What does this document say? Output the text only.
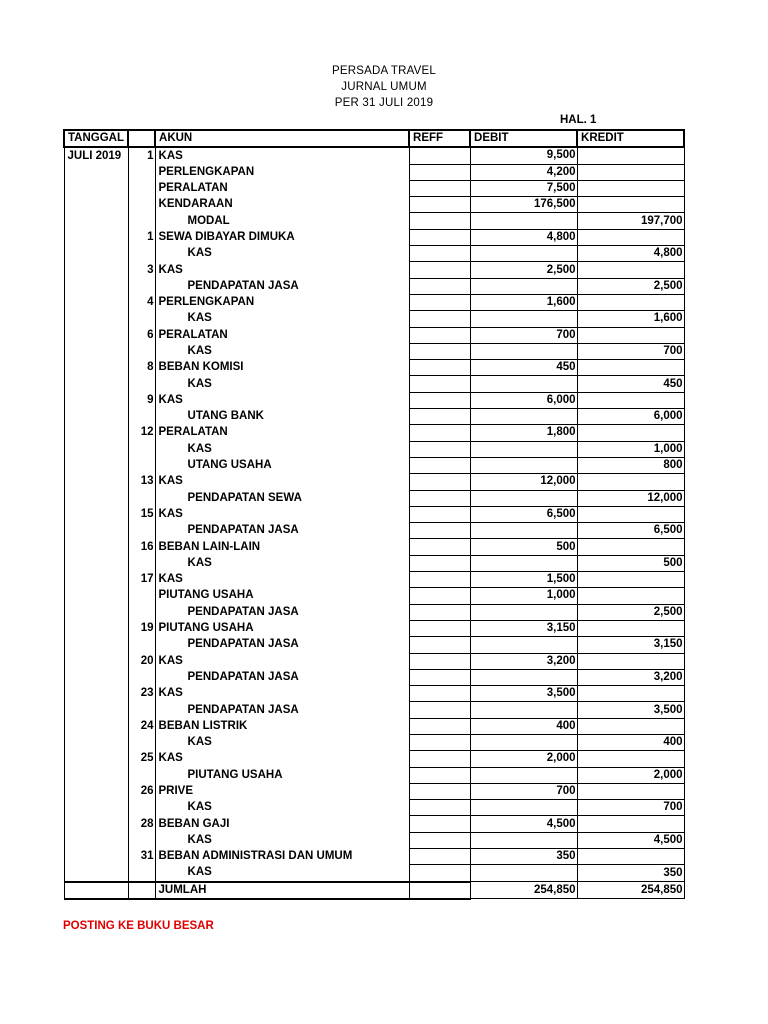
PERSADA TRAVEL
JURNAL UMUM
PER 31 JULI 2019
HAL. 1
TANGGAL		AKUN	REFF	DEBIT	KREDIT
JULI 2019	1	KAS		9,500	
		PERLENGKAPAN		4,200	
		PERALATAN		7,500	
		KENDARAAN		176,500	
		MODAL			197,700
	1	SEWA DIBAYAR DIMUKA		4,800	
		KAS			4,800
	3	KAS		2,500	
		PENDAPATAN JASA			2,500
	4	PERLENGKAPAN		1,600	
		KAS			1,600
	6	PERALATAN		700	
		KAS			700
	8	BEBAN KOMISI		450	
		KAS			450
	9	KAS		6,000	
		UTANG BANK			6,000
	12	PERALATAN		1,800	
		KAS			1,000
		UTANG USAHA			800
	13	KAS		12,000	
		PENDAPATAN SEWA			12,000
	15	KAS		6,500	
		PENDAPATAN JASA			6,500
	16	BEBAN LAIN-LAIN		500	
		KAS			500
	17	KAS		1,500	
		PIUTANG USAHA		1,000	
		PENDAPATAN JASA			2,500
	19	PIUTANG USAHA		3,150	
		PENDAPATAN JASA			3,150
	20	KAS		3,200	
		PENDAPATAN JASA			3,200
	23	KAS		3,500	
		PENDAPATAN JASA			3,500
	24	BEBAN LISTRIK		400	
		KAS			400
	25	KAS		2,000	
		PIUTANG USAHA			2,000
	26	PRIVE		700	
		KAS			700
	28	BEBAN GAJI		4,500	
		KAS			4,500
	31	BEBAN ADMINISTRASI DAN UMUM		350	
		KAS			350
		JUMLAH		254,850	254,850
POSTING KE BUKU BESAR
